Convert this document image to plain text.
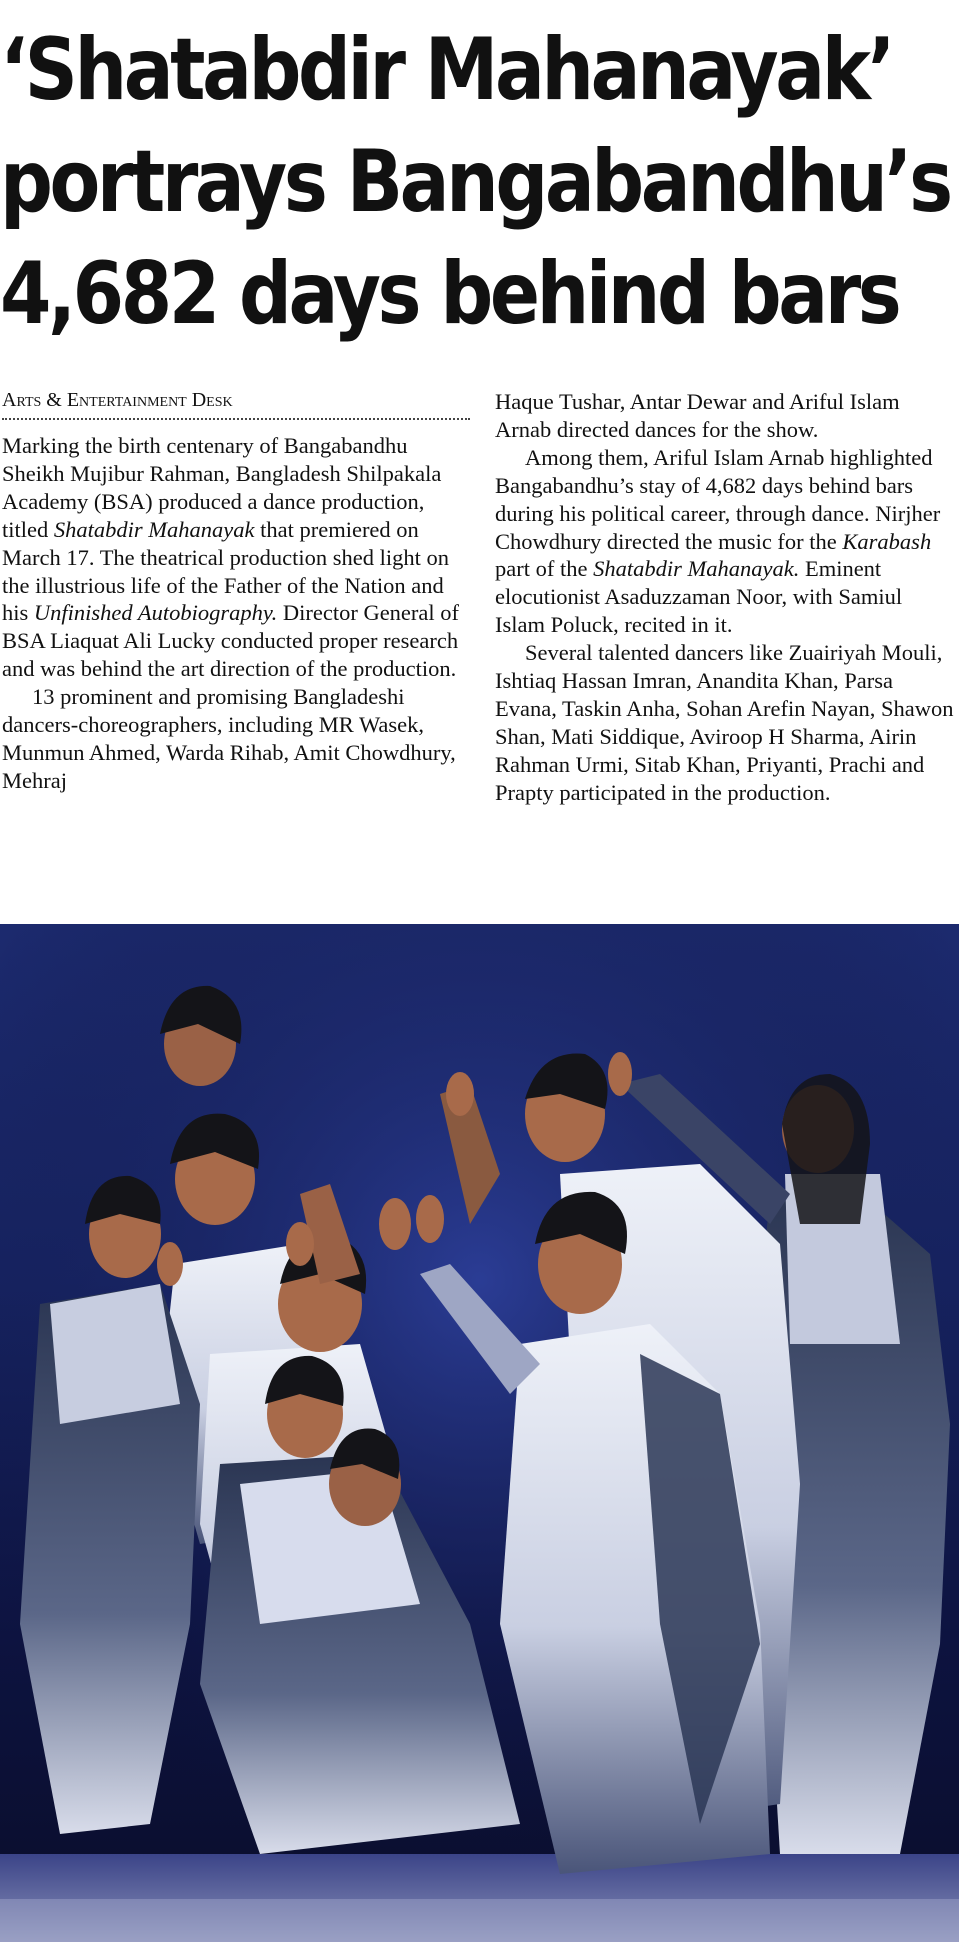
‘Shatabdir Mahanayak’
portrays Bangabandhu’s
4,682 days behind bars
Arts & Entertainment Desk

Marking the birth centenary of Bangabandhu Sheikh Mujibur Rahman, Bangladesh Shilpakala Academy (BSA) produced a dance production, titled Shatabdir Mahanayak that premiered on March 17. The theatrical production shed light on the illustrious life of the Father of the Nation and his Unfinished Autobiography. Director General of BSA Liaquat Ali Lucky conducted proper research and was behind the art direction of the production.

13 prominent and promising Bangladeshi dancers-choreographers, including MR Wasek, Munmun Ahmed, Warda Rihab, Amit Chowdhury, Mehraj

Haque Tushar, Antar Dewar and Ariful Islam Arnab directed dances for the show.

Among them, Ariful Islam Arnab highlighted Bangabandhu’s stay of 4,682 days behind bars during his political career, through dance. Nirjher Chowdhury directed the music for the Karabash part of the Shatabdir Mahanayak. Eminent elocutionist Asaduzzaman Noor, with Samiul Islam Poluck, recited in it.

Several talented dancers like Zuairiyah Mouli, Ishtiaq Hassan Imran, Anandita Khan, Parsa Evana, Taskin Anha, Sohan Arefin Nayan, Shawon Shan, Mati Siddique, Aviroop H Sharma, Airin Rahman Urmi, Sitab Khan, Priyanti, Prachi and Prapty participated in the production.
